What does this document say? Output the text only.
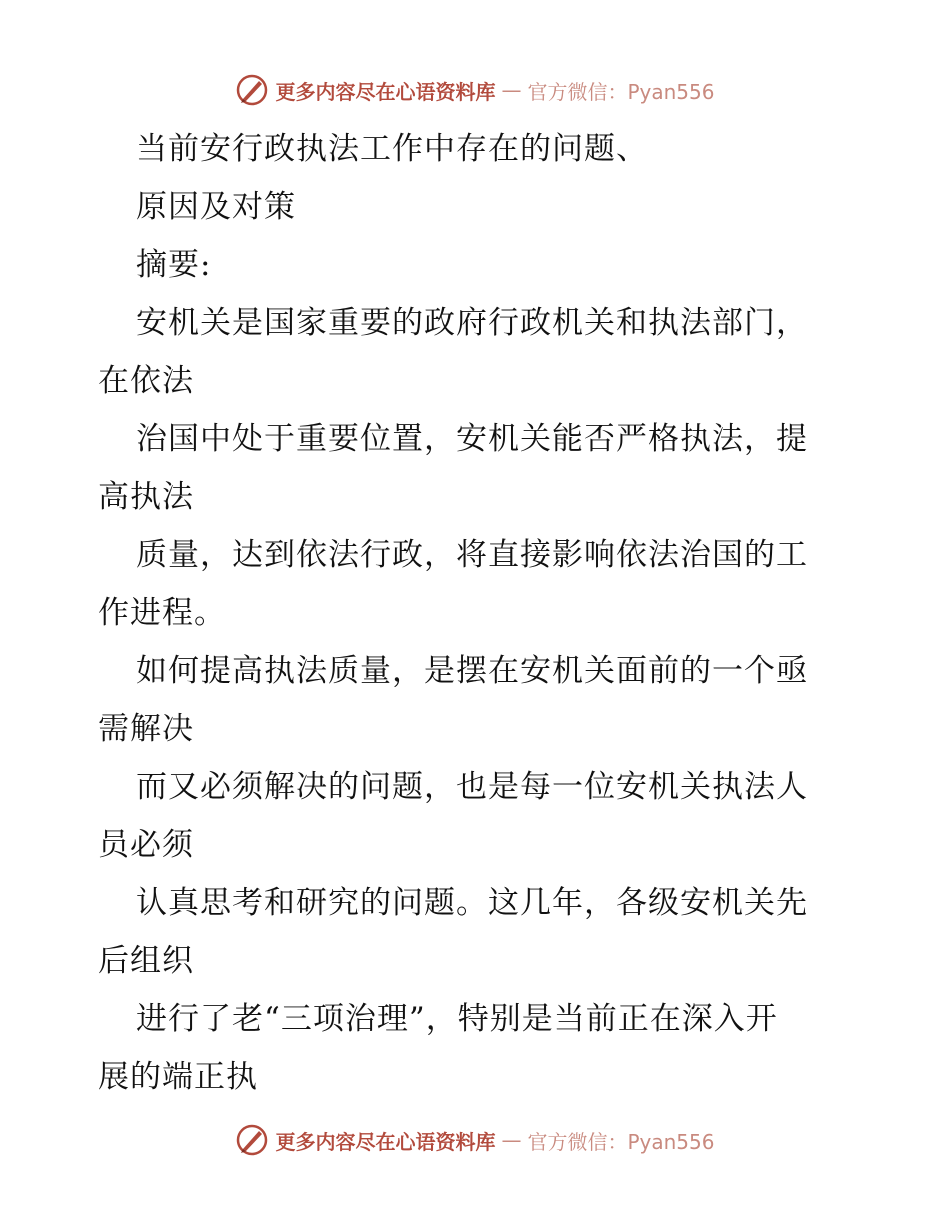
更多内容尽在心语资料库 — 官方微信：Pyan556
当前安行政执法工作中存在的问题、
原因及对策
摘要:
安机关是国家重要的政府行政机关和执法部门，
在依法
治国中处于重要位置，安机关能否严格执法，提
高执法
质量，达到依法行政，将直接影响依法治国的工
作进程。
如何提高执法质量，是摆在安机关面前的一个亟
需解决
而又必须解决的问题，也是每一位安机关执法人
员必须
认真思考和研究的问题。这几年，各级安机关先
后组织
进行了老“三项治理”，特别是当前正在深入开
展的端正执
更多内容尽在心语资料库 — 官方微信：Pyan556
